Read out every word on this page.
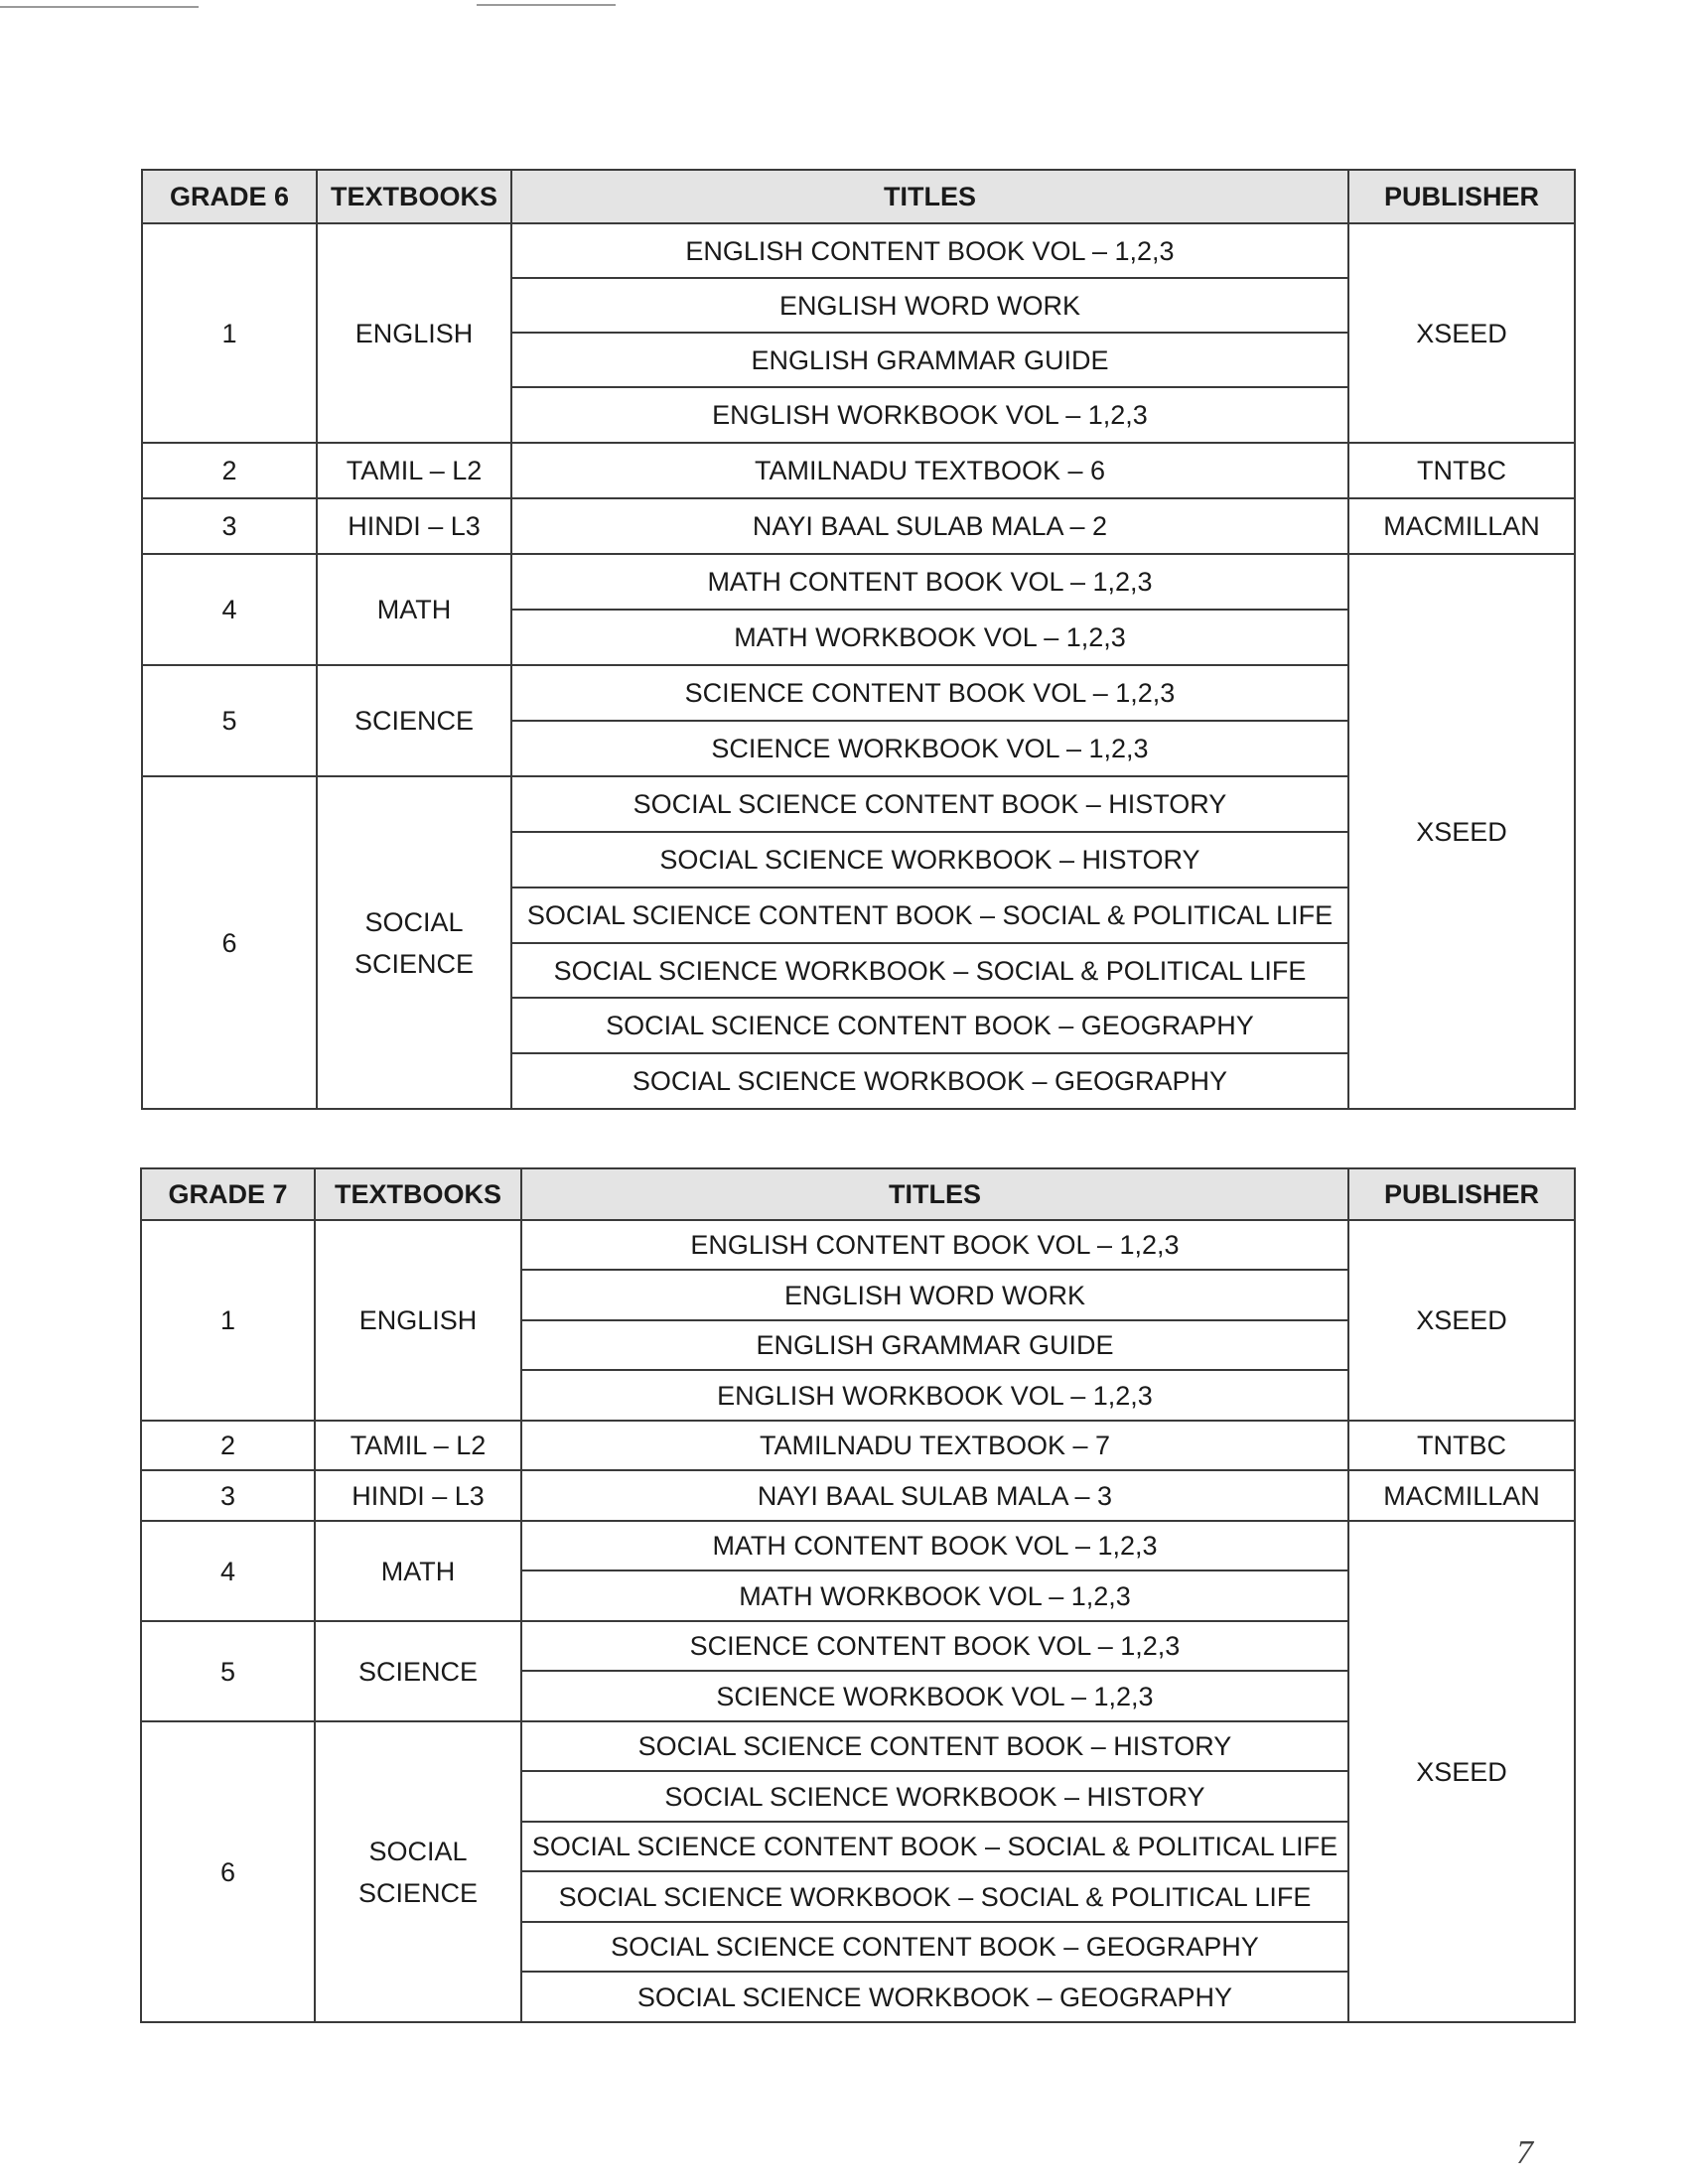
GRADE 6	TEXTBOOKS	TITLES	PUBLISHER
1	ENGLISH	ENGLISH CONTENT BOOK VOL – 1,2,3	XSEED
		ENGLISH WORD WORK	
		ENGLISH GRAMMAR GUIDE	
		ENGLISH WORKBOOK VOL – 1,2,3	
2	TAMIL – L2	TAMILNADU TEXTBOOK – 6	TNTBC
3	HINDI – L3	NAYI BAAL SULAB MALA – 2	MACMILLAN
4	MATH	MATH CONTENT BOOK VOL – 1,2,3	XSEED
		MATH WORKBOOK VOL – 1,2,3	
5	SCIENCE	SCIENCE CONTENT BOOK VOL – 1,2,3	
		SCIENCE WORKBOOK VOL – 1,2,3	
6	SOCIAL SCIENCE	SOCIAL SCIENCE CONTENT BOOK – HISTORY	
		SOCIAL SCIENCE WORKBOOK – HISTORY	
		SOCIAL SCIENCE CONTENT BOOK – SOCIAL & POLITICAL LIFE	
		SOCIAL SCIENCE WORKBOOK – SOCIAL & POLITICAL LIFE	
		SOCIAL SCIENCE CONTENT BOOK – GEOGRAPHY	
		SOCIAL SCIENCE WORKBOOK – GEOGRAPHY	
GRADE 7	TEXTBOOKS	TITLES	PUBLISHER
1	ENGLISH	ENGLISH CONTENT BOOK VOL – 1,2,3	XSEED
		ENGLISH WORD WORK	
		ENGLISH GRAMMAR GUIDE	
		ENGLISH WORKBOOK VOL – 1,2,3	
2	TAMIL – L2	TAMILNADU TEXTBOOK – 7	TNTBC
3	HINDI – L3	NAYI BAAL SULAB MALA – 3	MACMILLAN
4	MATH	MATH CONTENT BOOK VOL – 1,2,3	XSEED
		MATH WORKBOOK VOL – 1,2,3	
5	SCIENCE	SCIENCE CONTENT BOOK VOL – 1,2,3	
		SCIENCE WORKBOOK VOL – 1,2,3	
6	SOCIAL SCIENCE	SOCIAL SCIENCE CONTENT BOOK – HISTORY	
		SOCIAL SCIENCE WORKBOOK – HISTORY	
		SOCIAL SCIENCE CONTENT BOOK – SOCIAL & POLITICAL LIFE	
		SOCIAL SCIENCE WORKBOOK – SOCIAL & POLITICAL LIFE	
		SOCIAL SCIENCE CONTENT BOOK – GEOGRAPHY	
		SOCIAL SCIENCE WORKBOOK – GEOGRAPHY	
7
